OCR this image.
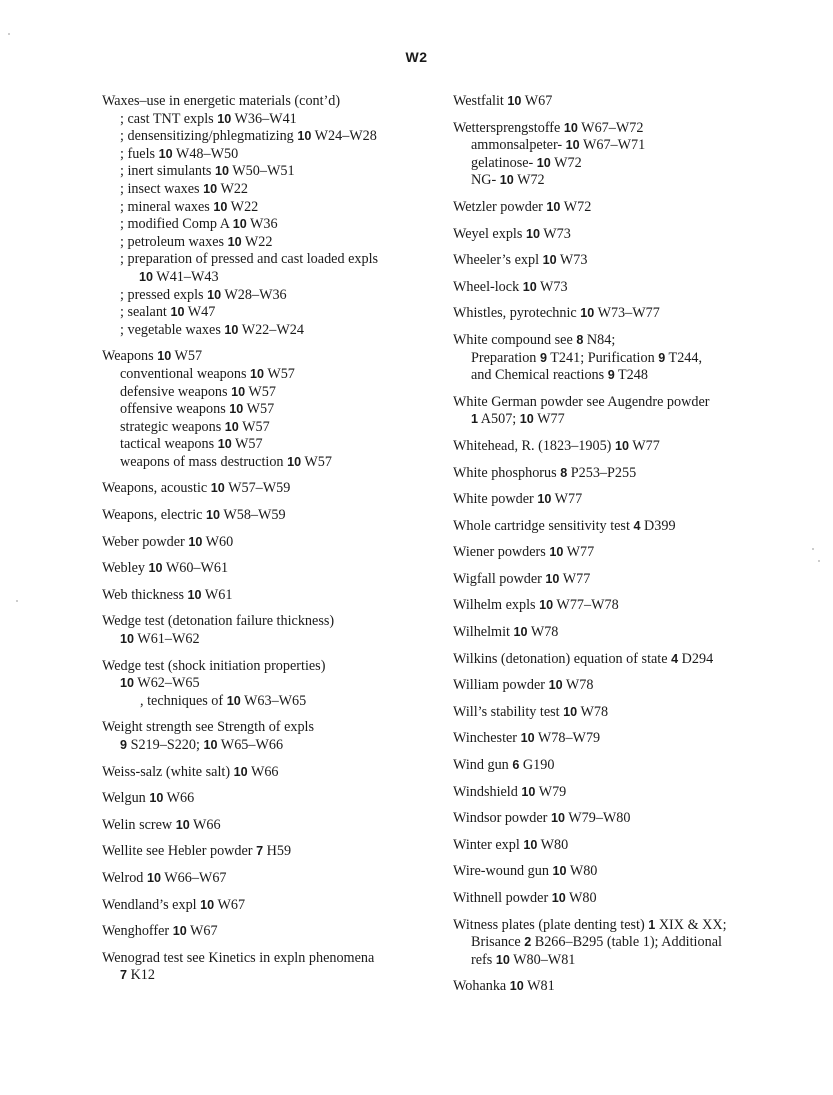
W2
Waxes–use in energetic materials (cont’d)
; cast TNT expls 10 W36–W41
; densensitizing/phlegmatizing 10 W24–W28
; fuels 10 W48–W50
; inert simulants 10 W50–W51
; insect waxes 10 W22
; mineral waxes 10 W22
; modified Comp A 10 W36
; petroleum waxes 10 W22
; preparation of pressed and cast loaded expls
10 W41–W43
; pressed expls 10 W28–W36
; sealant 10 W47
; vegetable waxes 10 W22–W24
Weapons 10 W57
conventional weapons 10 W57
defensive weapons 10 W57
offensive weapons 10 W57
strategic weapons 10 W57
tactical weapons 10 W57
weapons of mass destruction 10 W57
Weapons, acoustic 10 W57–W59
Weapons, electric 10 W58–W59
Weber powder 10 W60
Webley 10 W60–W61
Web thickness 10 W61
Wedge test (detonation failure thickness)
10 W61–W62
Wedge test (shock initiation properties)
10 W62–W65
, techniques of 10 W63–W65
Weight strength see Strength of expls
9 S219–S220; 10 W65–W66
Weiss-salz (white salt) 10 W66
Welgun 10 W66
Welin screw 10 W66
Wellite see Hebler powder 7 H59
Welrod 10 W66–W67
Wendland’s expl 10 W67
Wenghoffer 10 W67
Wenograd test see Kinetics in expln phenomena
7 K12
Westfalit 10 W67
Wettersprengstoffe 10 W67–W72
ammonsalpeter- 10 W67–W71
gelatinose- 10 W72
NG- 10 W72
Wetzler powder 10 W72
Weyel expls 10 W73
Wheeler’s expl 10 W73
Wheel-lock 10 W73
Whistles, pyrotechnic 10 W73–W77
White compound see 8 N84;
Preparation 9 T241; Purification 9 T244,
and Chemical reactions 9 T248
White German powder see Augendre powder
1 A507; 10 W77
Whitehead, R. (1823–1905) 10 W77
White phosphorus 8 P253–P255
White powder 10 W77
Whole cartridge sensitivity test 4 D399
Wiener powders 10 W77
Wigfall powder 10 W77
Wilhelm expls 10 W77–W78
Wilhelmit 10 W78
Wilkins (detonation) equation of state 4 D294
William powder 10 W78
Will’s stability test 10 W78
Winchester 10 W78–W79
Wind gun 6 G190
Windshield 10 W79
Windsor powder 10 W79–W80
Winter expl 10 W80
Wire-wound gun 10 W80
Withnell powder 10 W80
Witness plates (plate denting test) 1 XIX & XX;
Brisance 2 B266–B295 (table 1); Additional
refs 10 W80–W81
Wohanka 10 W81
